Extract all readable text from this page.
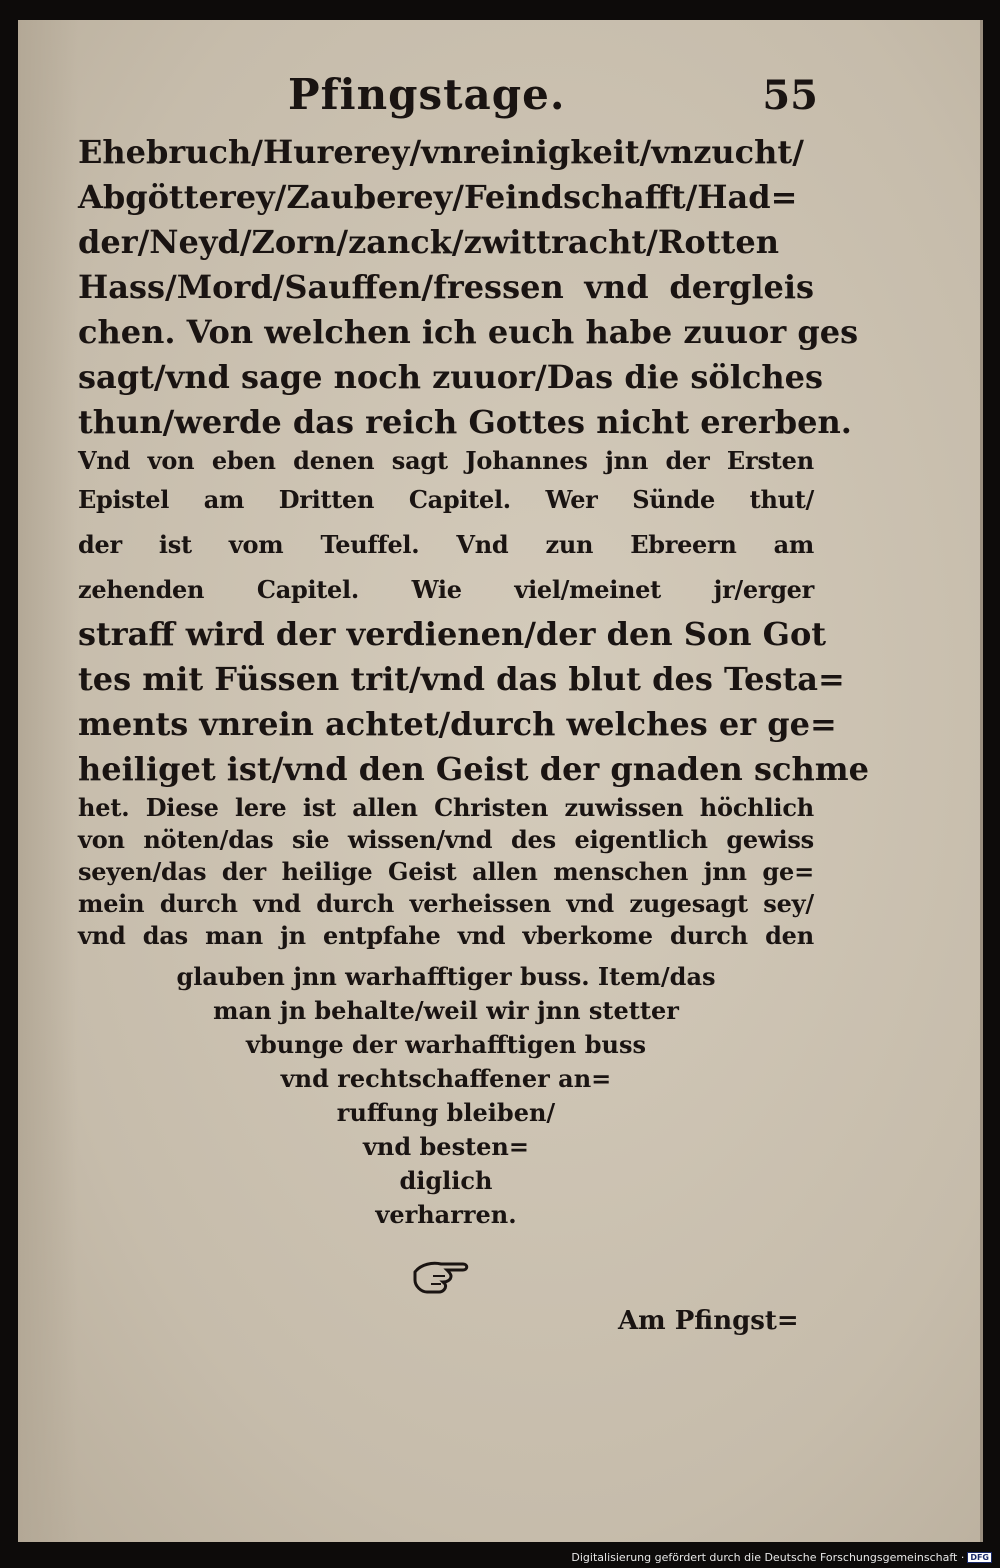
Pfingstage.	55
Ehebruch/Hurerey/vnreinigkeit/vnzucht/
Abgötterey/Zauberey/Feindschafft/Had=
der/Neyd/Zorn/zanck/zwittracht/Rotten
Hass/Mord/Sauffen/fressen vnd dergleis
chen. Von welchen ich euch habe zuuor ges
sagt/vnd sage noch zuuor/Das die sölches
thun/werde das reich Gottes nicht ererben.
Vnd von eben denen sagt Johannes jnn der Ersten
Epistel am Dritten Capitel. Wer Sünde thut/
der ist vom Teuffel. Vnd zun Ebreern am
zehenden Capitel. Wie viel/meinet jr/erger
straff wird der verdienen/der den Son Got
tes mit Füssen trit/vnd das blut des Testa=
ments vnrein achtet/durch welches er ge=
heiliget ist/vnd den Geist der gnaden schme
het. Diese lere ist allen Christen zuwissen höchlich
von nöten/das sie wissen/vnd des eigentlich gewiss
seyen/das der heilige Geist allen menschen jnn ge=
mein durch vnd durch verheissen vnd zugesagt sey/
vnd das man jn entpfahe vnd vberkome durch den
glauben jnn warhafftiger buss. Item/das
man jn behalte/weil wir jnn stetter
vbunge der warhafftigen buss
vnd rechtschaffener an=
ruffung bleiben/
vnd besten=
diglich
verharren.
Am Pfingst=
Digitalisierung gefördert durch die Deutsche Forschungsgemeinschaft · DFG
